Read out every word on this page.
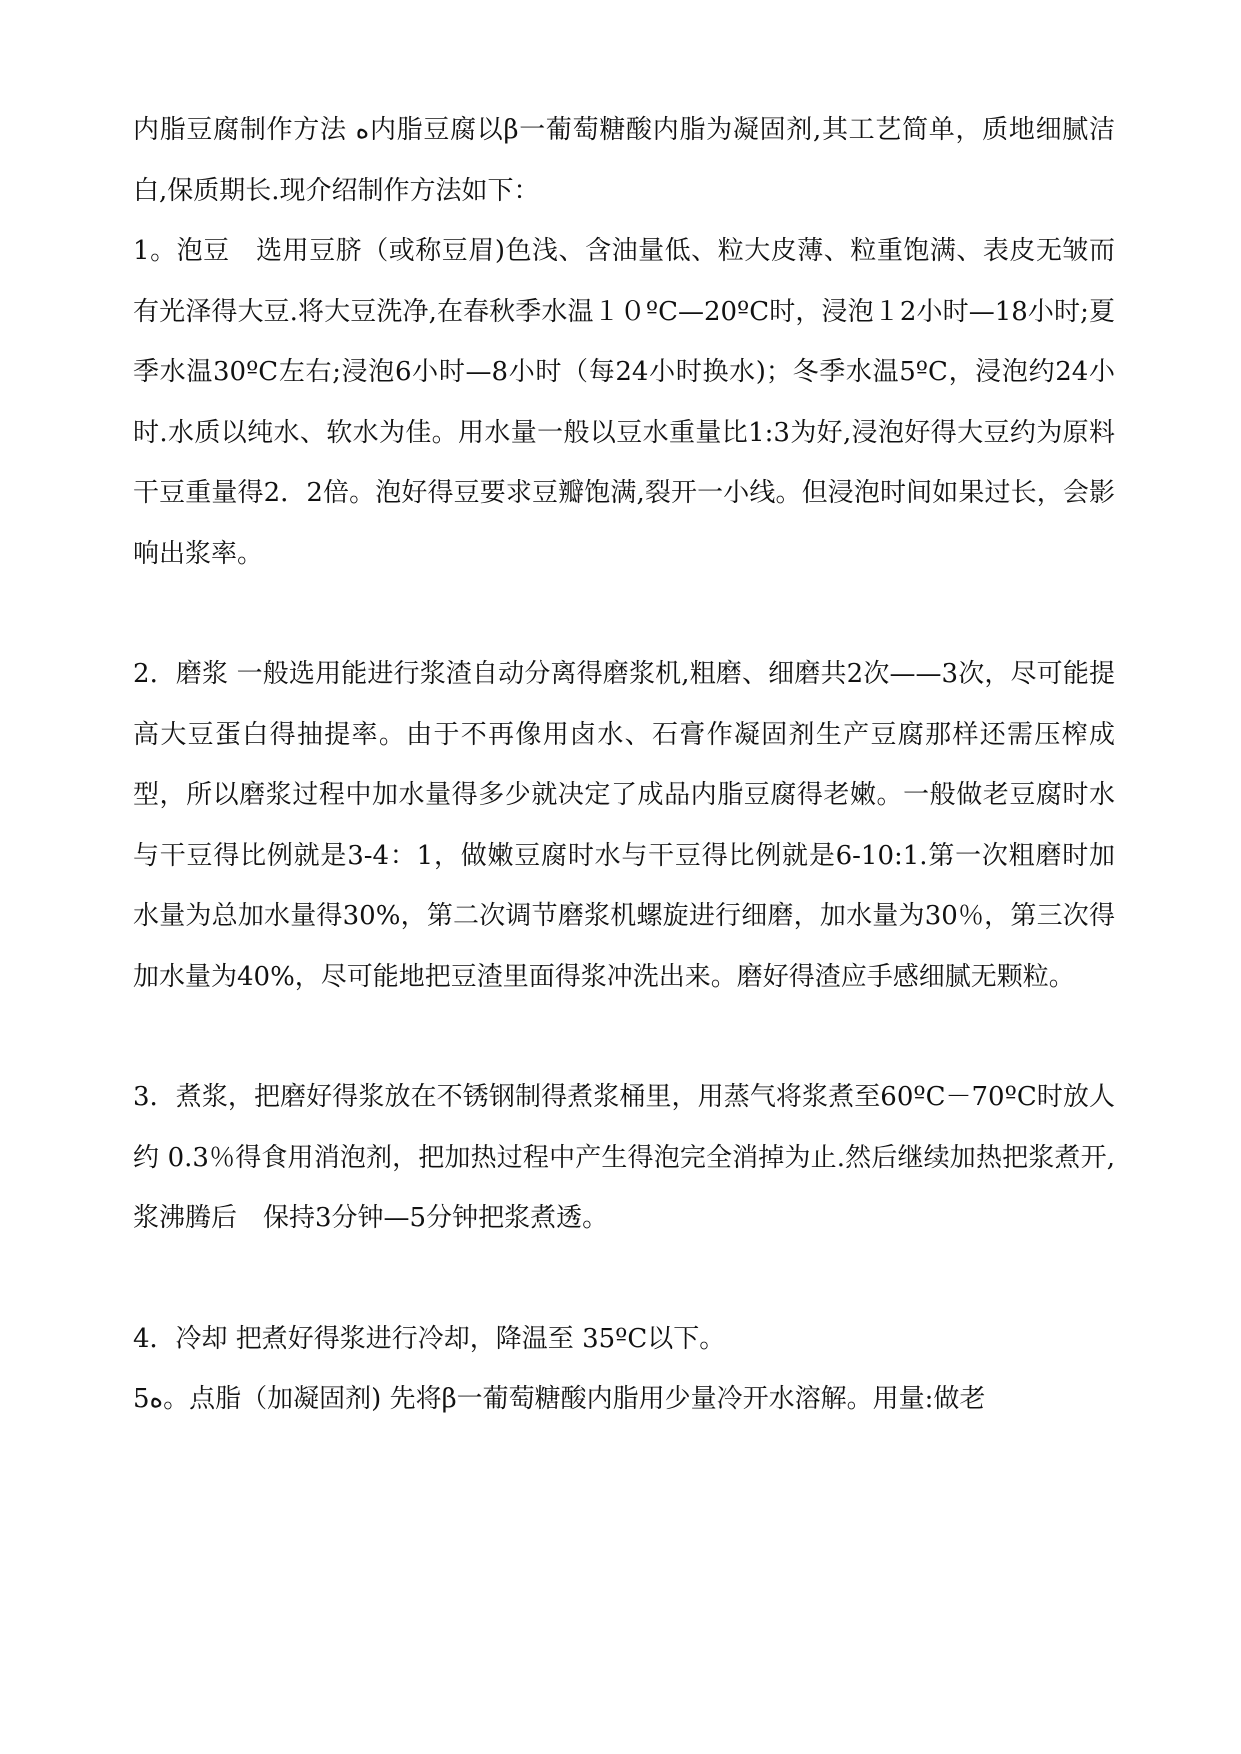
内脂豆腐制作方法 ﻩ内脂豆腐以β一葡萄糖酸内脂为凝固剂,其工艺简单，质地细腻洁白,保质期长.现介绍制作方法如下：

1。泡豆　选用豆脐（或称豆眉)色浅、含油量低、粒大皮薄、粒重饱满、表皮无皱而有光泽得大豆.将大豆洗净,在春秋季水温１０ºC—20ºC时，浸泡１2小时—18小时;夏季水温30ºC左右;浸泡6小时—8小时（每24小时换水)；冬季水温5ºC，浸泡约24小时.水质以纯水、软水为佳。用水量一般以豆水重量比1:3为好,浸泡好得大豆约为原料干豆重量得2．2倍。泡好得豆要求豆瓣饱满,裂开一小线。但浸泡时间如果过长，会影响出浆率。

2．磨浆 一般选用能进行浆渣自动分离得磨浆机,粗磨、细磨共2次——3次，尽可能提高大豆蛋白得抽提率。由于不再像用卤水、石膏作凝固剂生产豆腐那样还需压榨成型，所以磨浆过程中加水量得多少就决定了成品内脂豆腐得老嫩。一般做老豆腐时水与干豆得比例就是3-4：1，做嫩豆腐时水与干豆得比例就是6-10:1.第一次粗磨时加水量为总加水量得30%，第二次调节磨浆机螺旋进行细磨，加水量为30％，第三次得加水量为40%，尽可能地把豆渣里面得浆冲洗出来。磨好得渣应手感细腻无颗粒。

3．煮浆，把磨好得浆放在不锈钢制得煮浆桶里，用蒸气将浆煮至60ºC－70ºC时放人约 0.3％得食用消泡剂，把加热过程中产生得泡完全消掉为止.然后继续加热把浆煮开,浆沸腾后　保持3分钟—5分钟把浆煮透。

4．冷却 把煮好得浆进行冷却，降温至 35ºC以下。

5ﻩ。点脂（加凝固剂) 先将β一葡萄糖酸内脂用少量冷开水溶解。用量:做老
